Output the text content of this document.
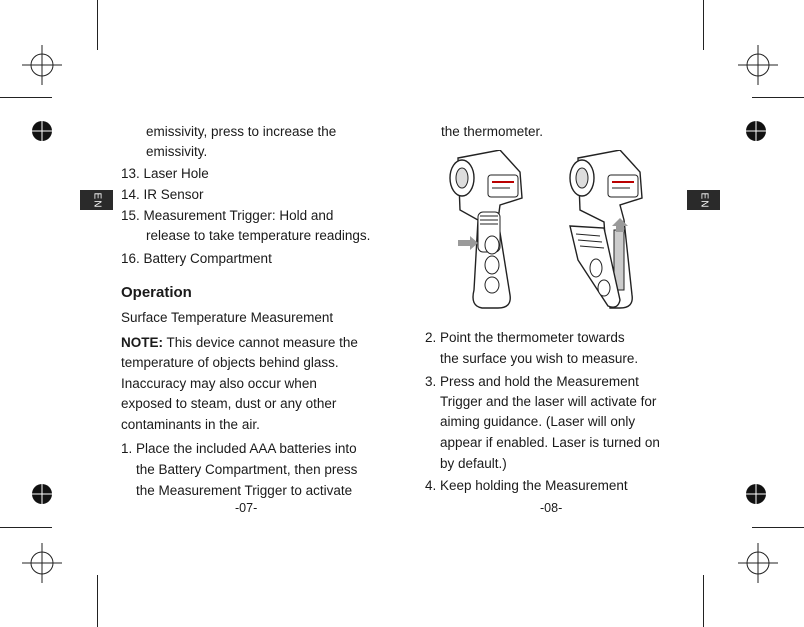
EN	EN
emissivity, press to increase the
emissivity.
13. Laser Hole
14. IR Sensor
15. Measurement Trigger: Hold and
release to take temperature readings.
16. Battery Compartment
Operation
Surface Temperature Measurement
NOTE: This device cannot measure the
temperature of objects behind glass.
Inaccuracy may also occur when
exposed to steam, dust or any other
contaminants in the air.
1. Place the included AAA batteries into
the Battery Compartment, then press
the Measurement Trigger to activate
-07-
the thermometer.
2. Point the thermometer towards
the surface you wish to measure.
3. Press and hold the Measurement
Trigger and the laser will activate for
aiming guidance. (Laser will only
appear if enabled. Laser is turned on
by default.)
4. Keep holding the Measurement
-08-
